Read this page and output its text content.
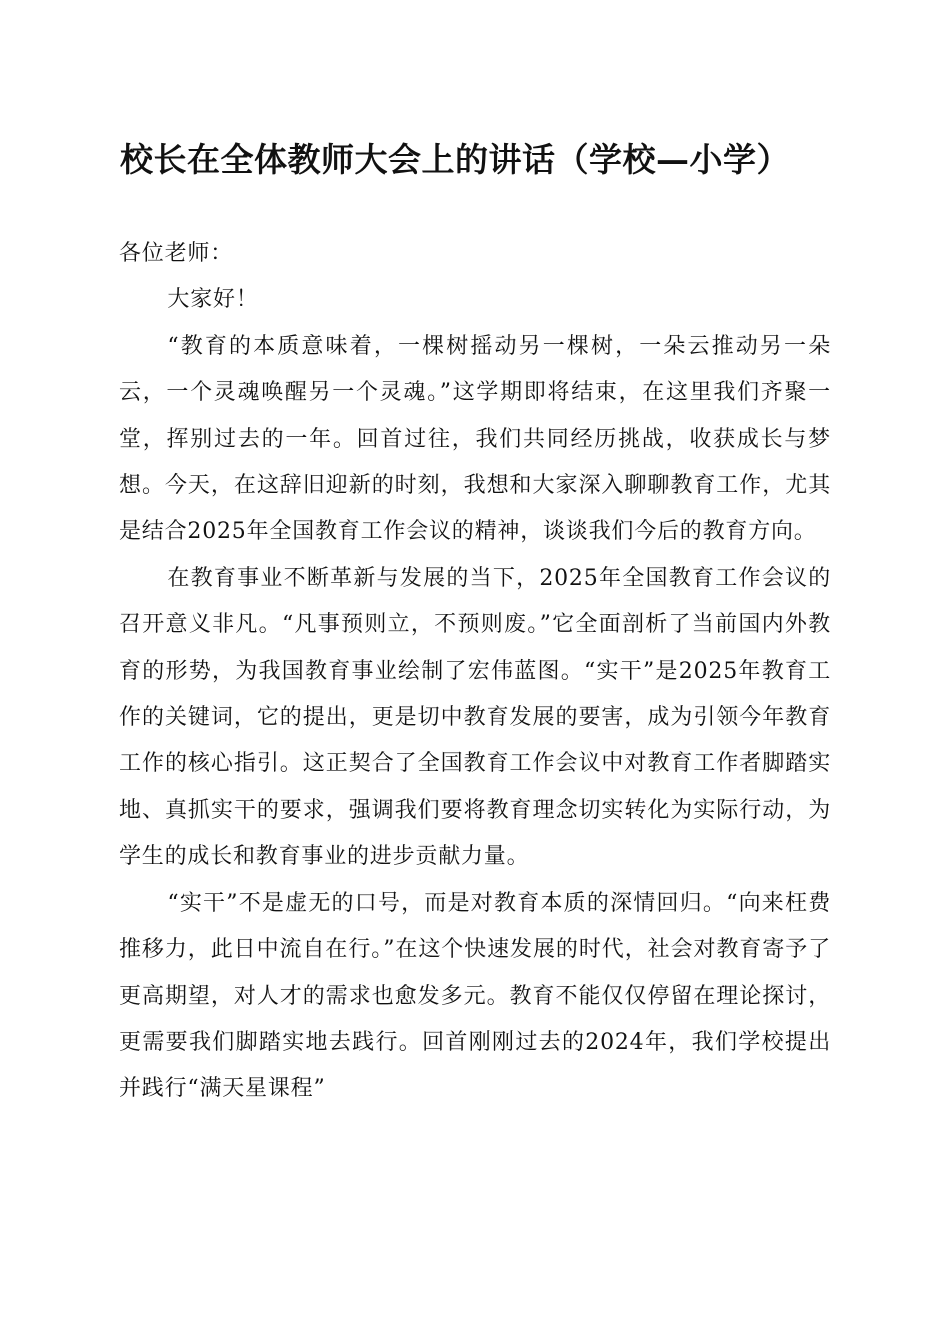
校长在全体教师大会上的讲话（学校—小学）

各位老师：

大家好！

“教育的本质意味着，一棵树摇动另一棵树，一朵云推动另一朵云，一个灵魂唤醒另一个灵魂。”这学期即将结束，在这里我们齐聚一堂，挥别过去的一年。回首过往，我们共同经历挑战，收获成长与梦想。今天，在这辞旧迎新的时刻，我想和大家深入聊聊教育工作，尤其是结合2025年全国教育工作会议的精神，谈谈我们今后的教育方向。

在教育事业不断革新与发展的当下，2025年全国教育工作会议的召开意义非凡。“凡事预则立，不预则废。”它全面剖析了当前国内外教育的形势，为我国教育事业绘制了宏伟蓝图。“实干”是2025年教育工作的关键词，它的提出，更是切中教育发展的要害，成为引领今年教育工作的核心指引。这正契合了全国教育工作会议中对教育工作者脚踏实地、真抓实干的要求，强调我们要将教育理念切实转化为实际行动，为学生的成长和教育事业的进步贡献力量。

“实干”不是虚无的口号，而是对教育本质的深情回归。“向来枉费推移力，此日中流自在行。”在这个快速发展的时代，社会对教育寄予了更高期望，对人才的需求也愈发多元。教育不能仅仅停留在理论探讨，更需要我们脚踏实地去践行。回首刚刚过去的2024年，我们学校提出并践行“满天星课程”
